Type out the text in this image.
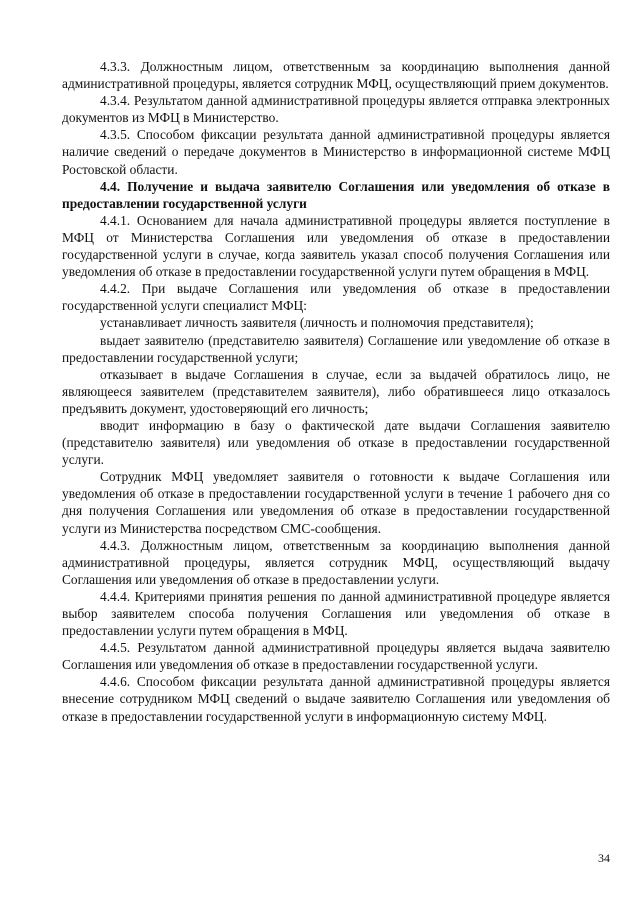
4.3.3. Должностным лицом, ответственным за координацию выполнения данной административной процедуры, является сотрудник МФЦ, осуществляющий прием документов.

4.3.4. Результатом данной административной процедуры является отправка электронных документов из МФЦ в Министерство.

4.3.5. Способом фиксации результата данной административной процедуры является наличие сведений о передаче документов в Министерство в информационной системе МФЦ Ростовской области.

4.4. Получение и выдача заявителю Соглашения или уведомления об отказе в предоставлении государственной услуги

4.4.1. Основанием для начала административной процедуры является поступление в МФЦ от Министерства Соглашения или уведомления об отказе в предоставлении государственной услуги в случае, когда заявитель указал способ получения Соглашения или уведомления об отказе в предоставлении государственной услуги путем обращения в МФЦ.

4.4.2. При выдаче Соглашения или уведомления об отказе в предоставлении государственной услуги специалист МФЦ:

устанавливает личность заявителя (личность и полномочия представителя);

выдает заявителю (представителю заявителя) Соглашение или уведомление об отказе в предоставлении государственной услуги;

отказывает в выдаче Соглашения в случае, если за выдачей обратилось лицо, не являющееся заявителем (представителем заявителя), либо обратившееся лицо отказалось предъявить документ, удостоверяющий его личность;

вводит информацию в базу о фактической дате выдачи Соглашения заявителю (представителю заявителя) или уведомления об отказе в предоставлении государственной услуги.

Сотрудник МФЦ уведомляет заявителя о готовности к выдаче Соглашения или уведомления об отказе в предоставлении государственной услуги в течение 1 рабочего дня со дня получения Соглашения или уведомления об отказе в предоставлении государственной услуги из Министерства посредством СМС-сообщения.

4.4.3. Должностным лицом, ответственным за координацию выполнения данной административной процедуры, является сотрудник МФЦ, осуществляющий выдачу Соглашения или уведомления об отказе в предоставлении услуги.

4.4.4. Критериями принятия решения по данной административной процедуре является выбор заявителем способа получения Соглашения или уведомления об отказе в предоставлении услуги путем обращения в МФЦ.

4.4.5. Результатом данной административной процедуры является выдача заявителю Соглашения или уведомления об отказе в предоставлении государственной услуги.

4.4.6. Способом фиксации результата данной административной процедуры является внесение сотрудником МФЦ сведений о выдаче заявителю Соглашения или уведомления об отказе в предоставлении государственной услуги в информационную систему МФЦ.

34
